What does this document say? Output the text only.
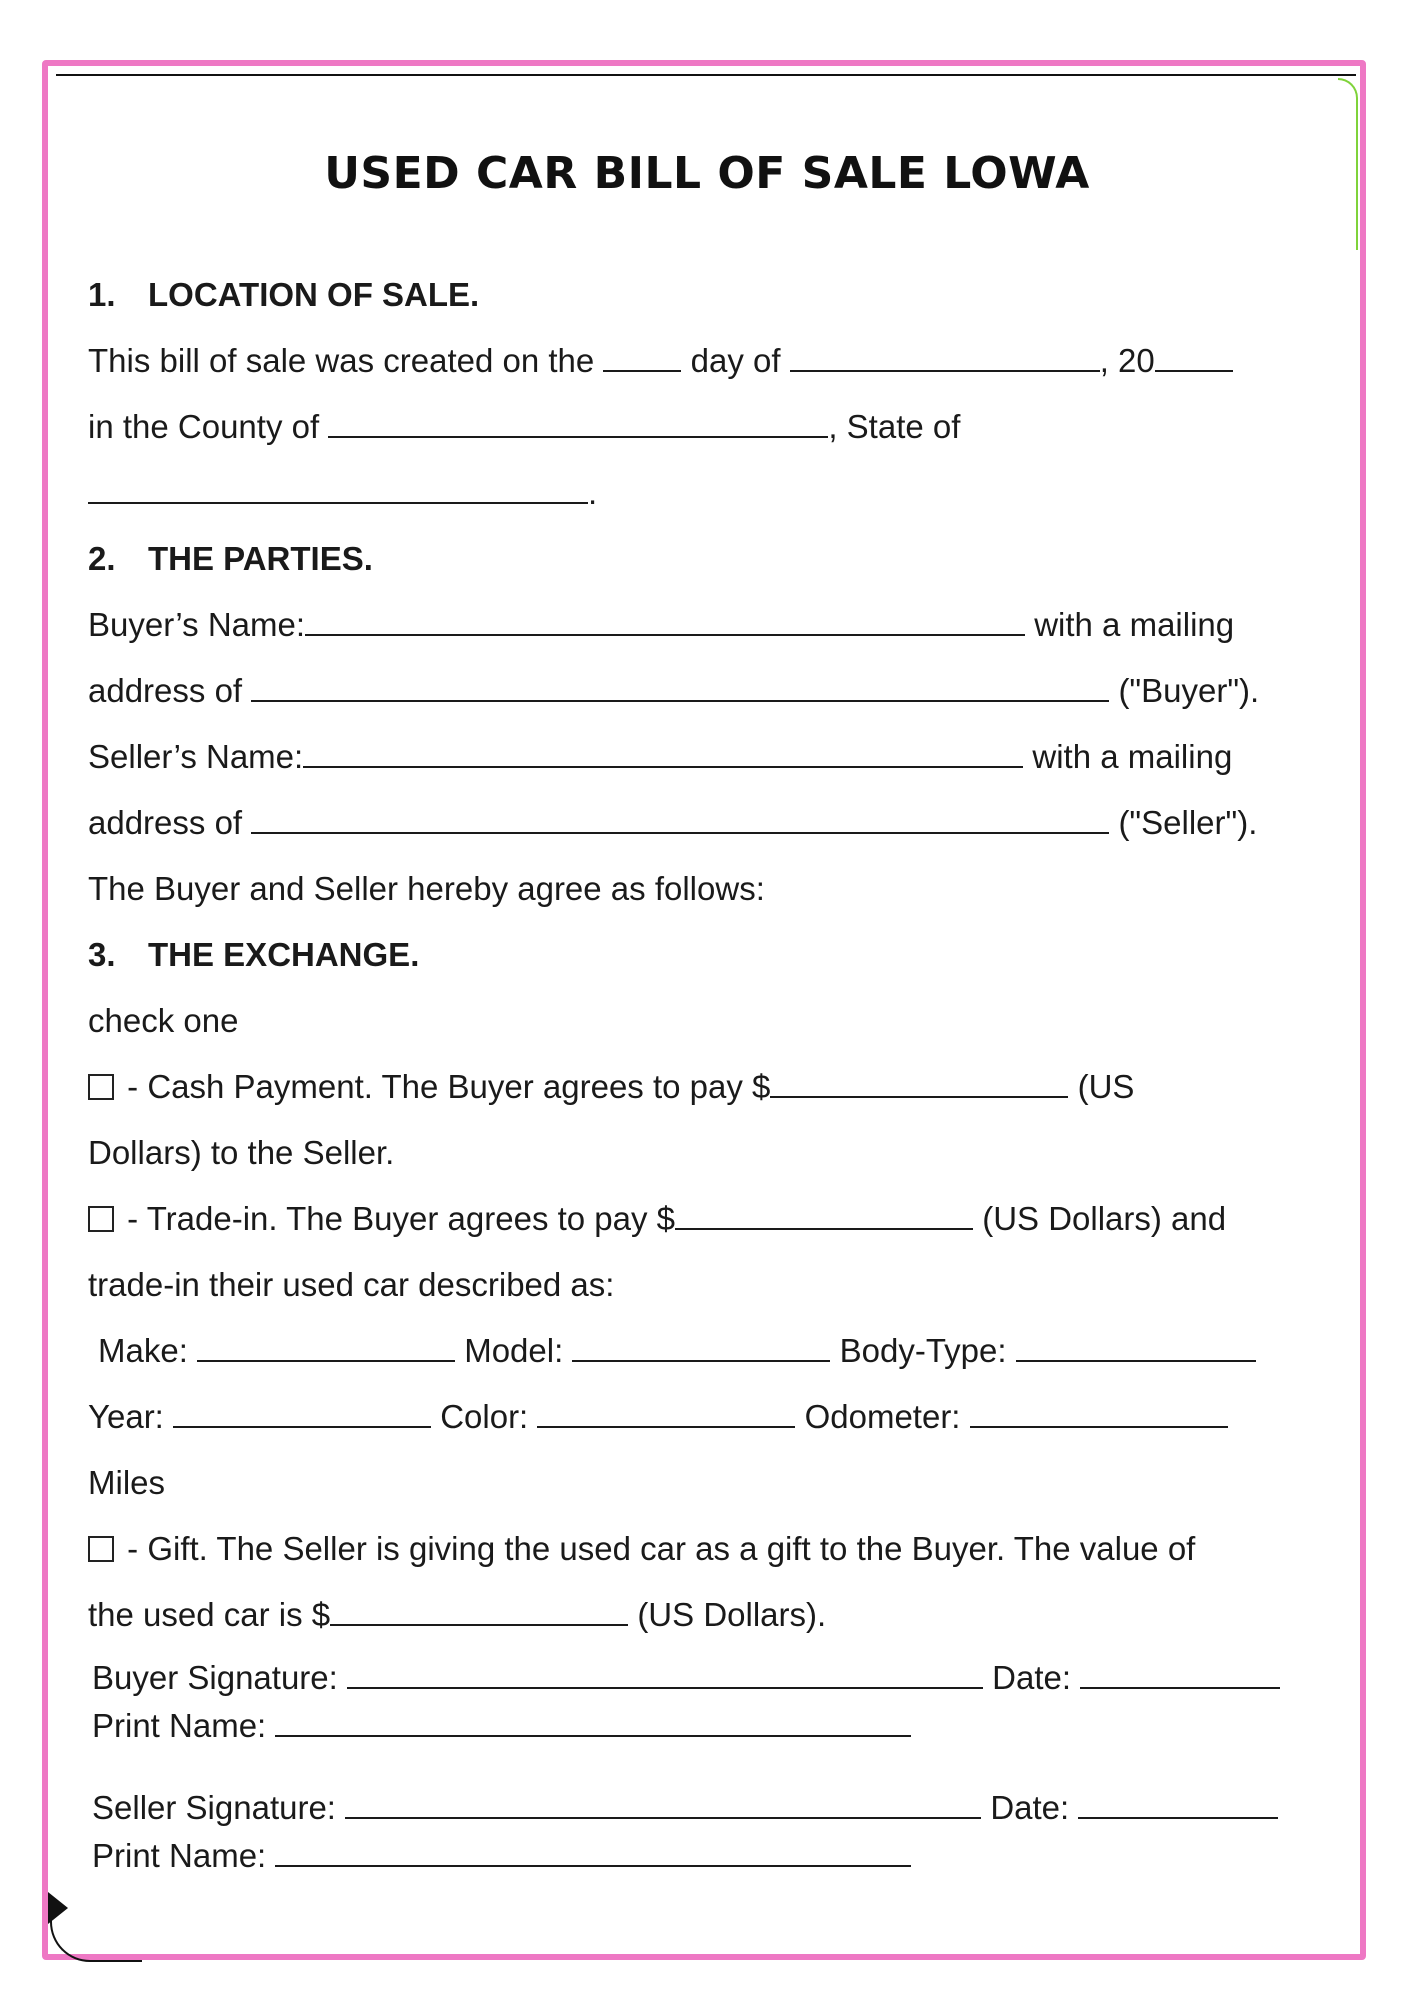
USED CAR BILL OF SALE LOWA
1. LOCATION OF SALE.
This bill of sale was created on the	day of	, 20
in the County of	, State of
.
2. THE PARTIES.
Buyer’s Name:	with a mailing
address of	("Buyer").
Seller’s Name:	with a mailing
address of	("Seller").
The Buyer and Seller hereby agree as follows:
3. THE EXCHANGE.
check one
- Cash Payment. The Buyer agrees to pay $	(US
Dollars) to the Seller.
- Trade-in. The Buyer agrees to pay $	(US Dollars) and
trade-in their used car described as:
Make:	Model:	Body-Type:
Year:	Color:	Odometer:
Miles
- Gift. The Seller is giving the used car as a gift to the Buyer. The value of
the used car is $	(US Dollars).
Buyer Signature:	Date:
Print Name:
Seller Signature:	Date:
Print Name:
